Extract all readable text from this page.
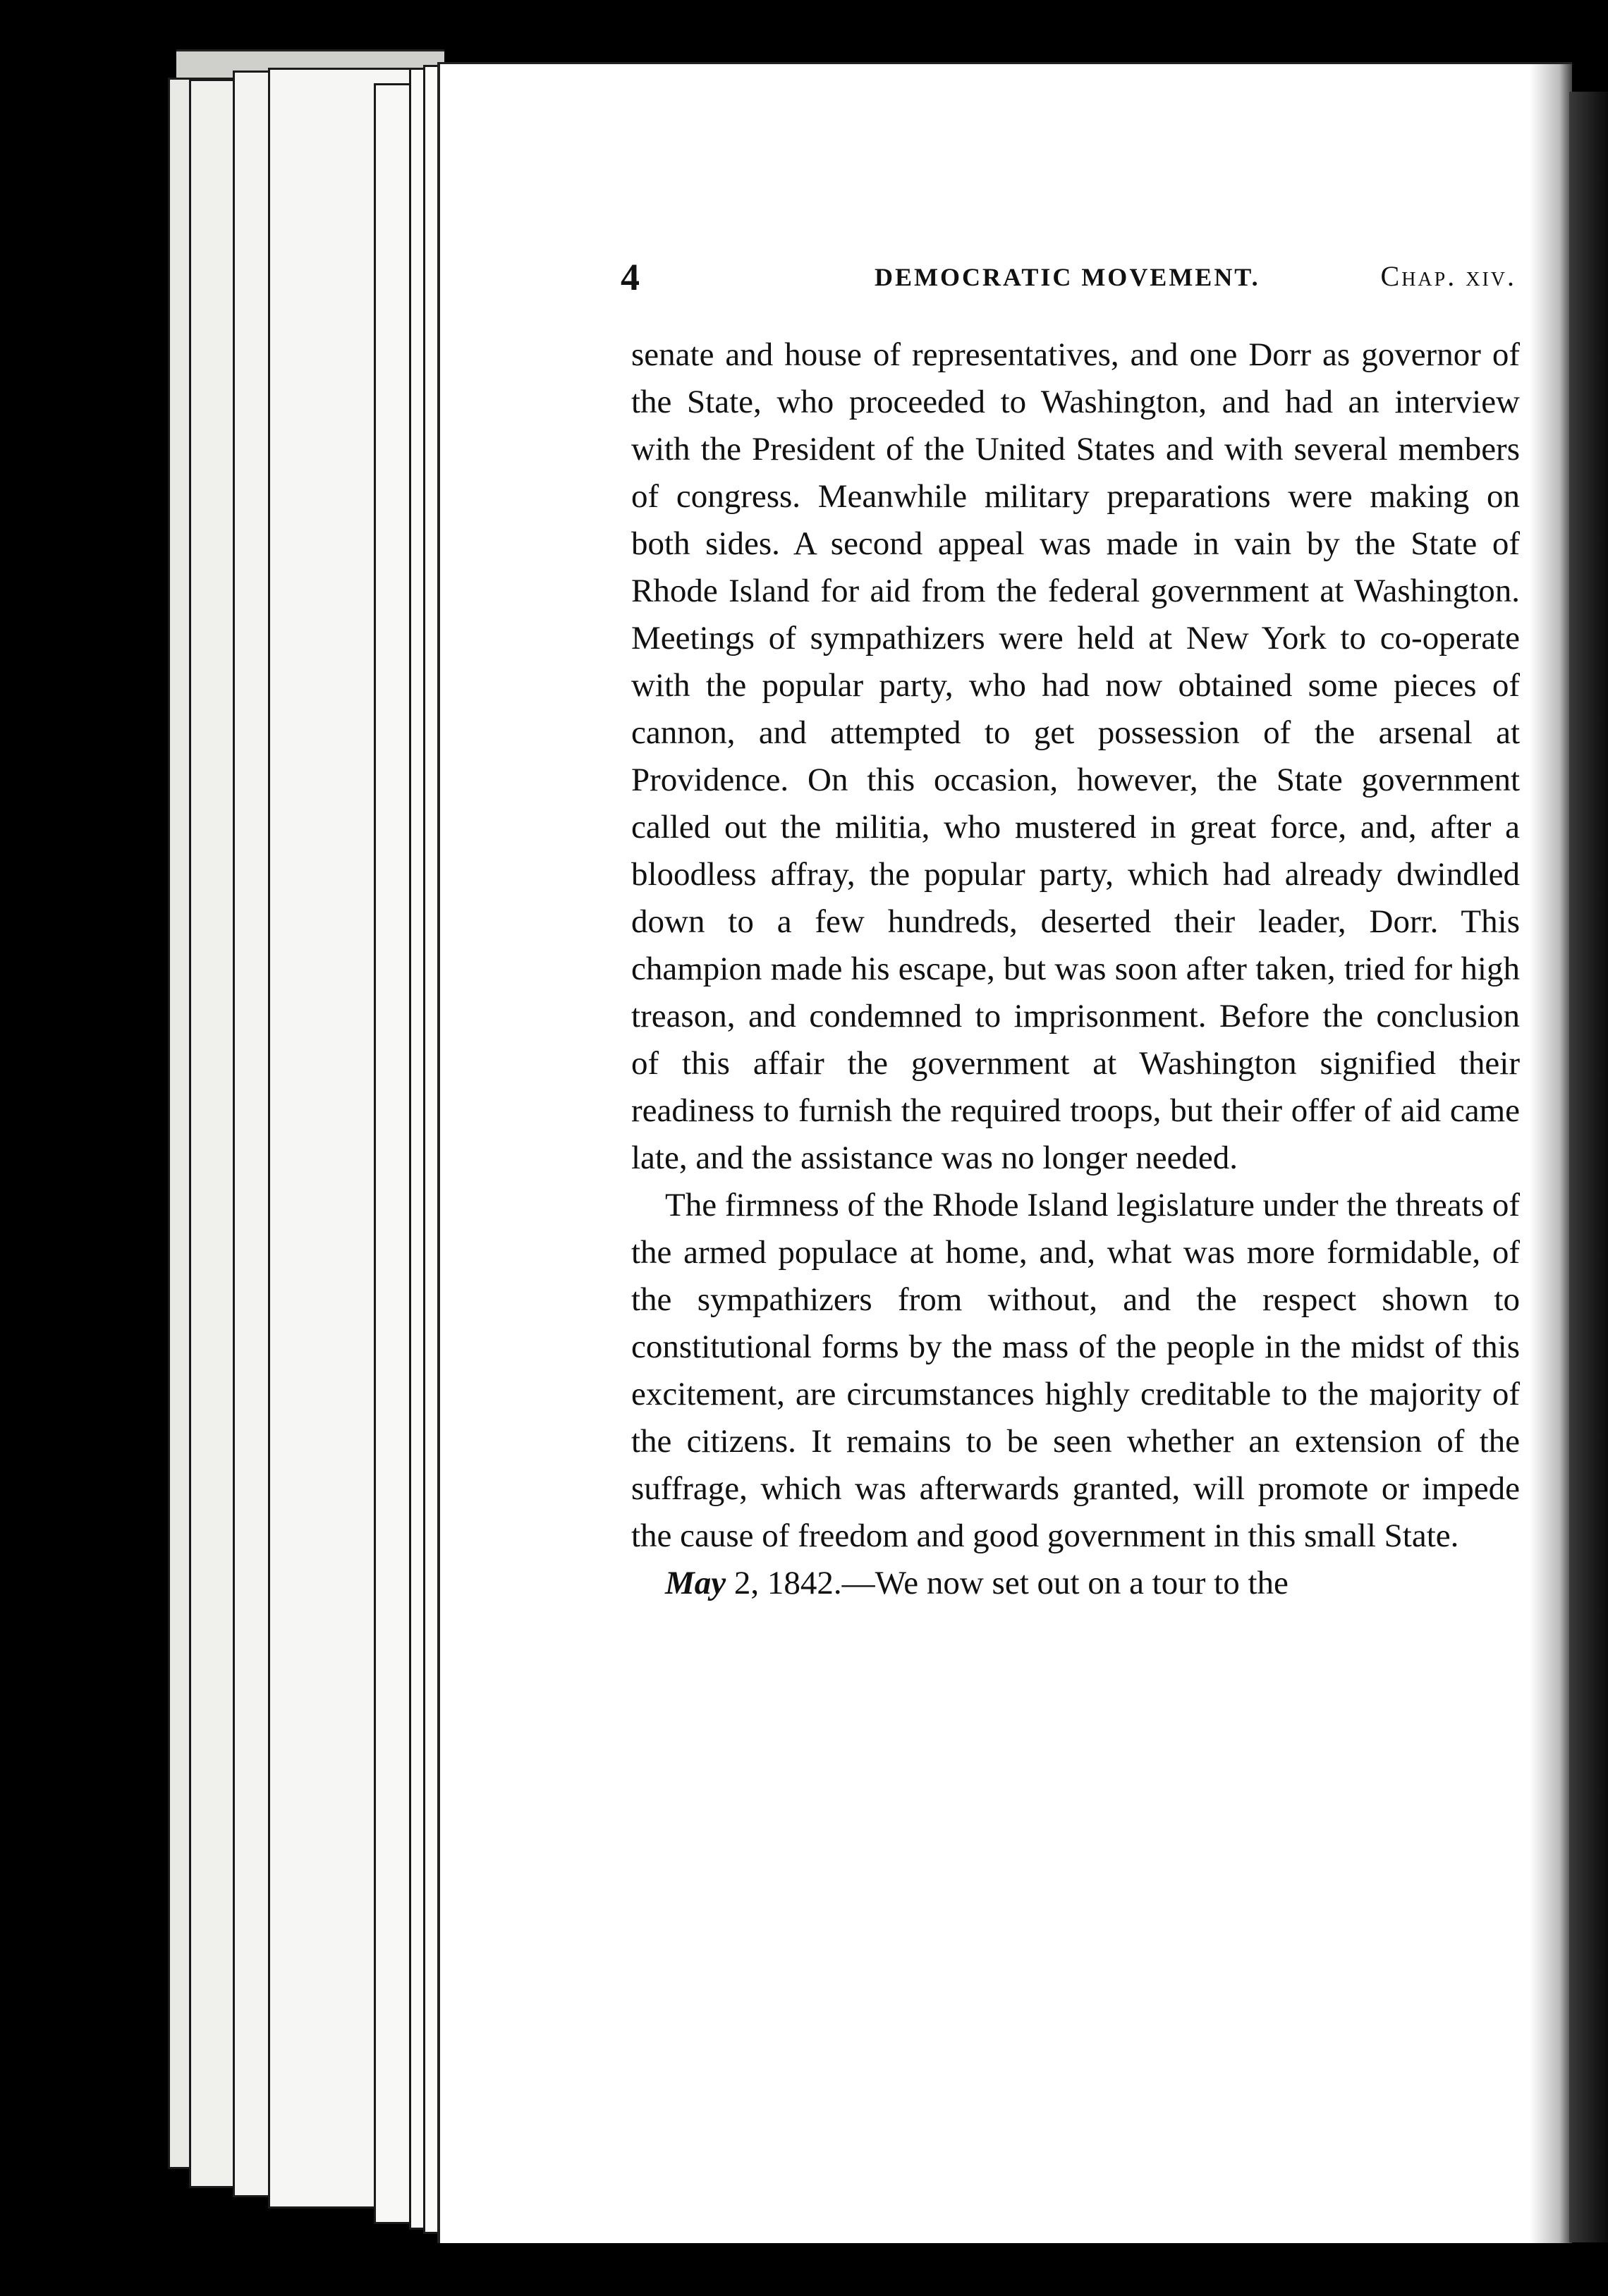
4	DEMOCRATIC MOVEMENT.	Chap. xiv.

senate and house of representatives, and one Dorr as governor of the State, who proceeded to Washington, and had an interview with the President of the United States and with several members of congress. Meanwhile military preparations were making on both sides. A second appeal was made in vain by the State of Rhode Island for aid from the federal government at Washington. Meetings of sympathizers were held at New York to co-operate with the popular party, who had now obtained some pieces of cannon, and attempted to get possession of the arsenal at Providence. On this occasion, however, the State government called out the militia, who mustered in great force, and, after a bloodless affray, the popular party, which had already dwindled down to a few hundreds, deserted their leader, Dorr. This champion made his escape, but was soon after taken, tried for high treason, and condemned to imprisonment. Before the conclusion of this affair the government at Washington signified their readiness to furnish the required troops, but their offer of aid came late, and the assistance was no longer needed.

The firmness of the Rhode Island legislature under the threats of the armed populace at home, and, what was more formidable, of the sympathizers from without, and the respect shown to constitutional forms by the mass of the people in the midst of this excitement, are circumstances highly creditable to the majority of the citizens. It remains to be seen whether an extension of the suffrage, which was afterwards granted, will promote or impede the cause of freedom and good government in this small State.

May 2, 1842.—We now set out on a tour to the
